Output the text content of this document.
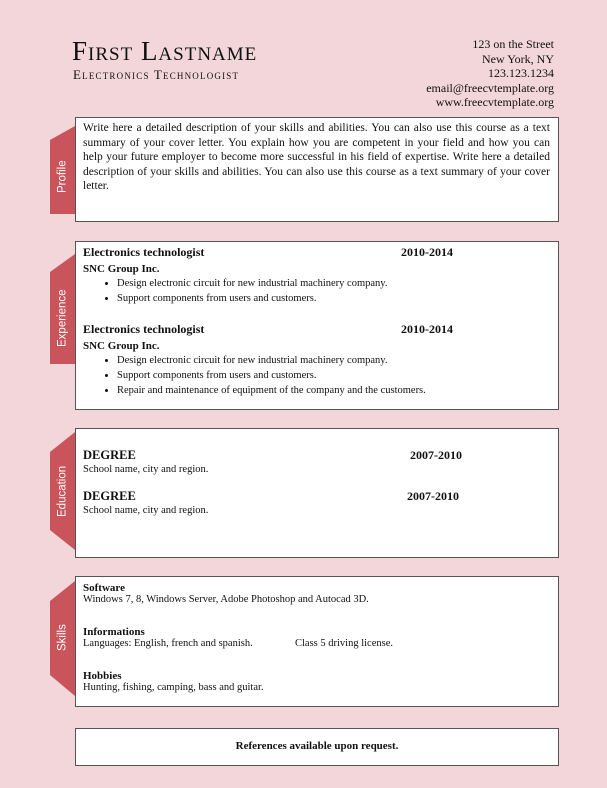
First Lastname
Electronics Technologist
123 on the Street
New York, NY
123.123.1234
email@freecvtemplate.org
www.freecvtemplate.org
Profile
Write here a detailed description of your skills and abilities. You can also use this course as a text summary of your cover letter. You explain how you are competent in your field and how you can help your future employer to become more successful in his field of expertise. Write here a detailed description of your skills and abilities. You can also use this course as a text summary of your cover letter.
Experience
Electronics technologist	2010-2014
SNC Group Inc.
• Design electronic circuit for new industrial machinery company.
• Support components from users and customers.
Electronics technologist	2010-2014
SNC Group Inc.
• Design electronic circuit for new industrial machinery company.
• Support components from users and customers.
• Repair and maintenance of equipment of the company and the customers.
Education
DEGREE	2007-2010
School name, city and region.
DEGREE	2007-2010
School name, city and region.
Skills
Software
Windows 7, 8, Windows Server, Adobe Photoshop and Autocad 3D.
Informations
Languages: English, french and spanish.	Class 5 driving license.
Hobbies
Hunting, fishing, camping, bass and guitar.
References available upon request.
